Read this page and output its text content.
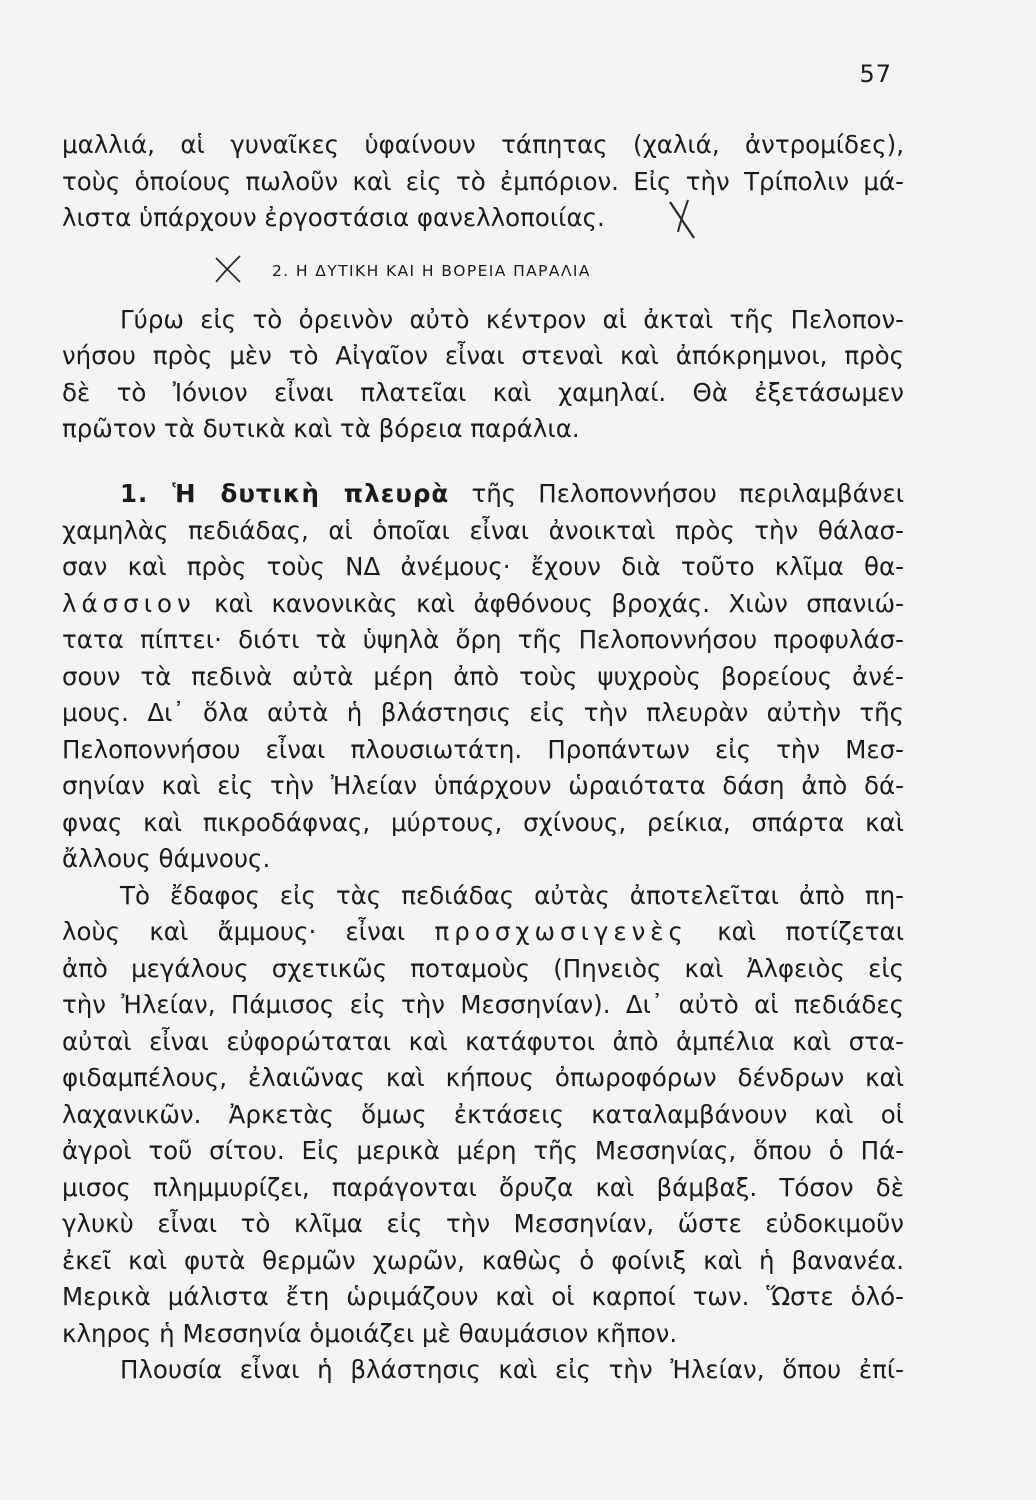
57
μαλλιά, αἱ γυναῖκες ὑφαίνουν τάπητας (χαλιά, ἀντρομίδες),
τοὺς ὁποίους πωλοῦν καὶ εἰς τὸ ἐμπόριον. Εἰς τὴν Τρίπολιν μά-
λιστα ὑπάρχουν ἐργοστάσια φανελλοποιίας.
2. Η ΔΥΤΙΚΗ ΚΑΙ Η ΒΟΡΕΙΑ ΠΑΡΑΛΙΑ
Γύρω εἰς τὸ ὀρεινὸν αὐτὸ κέντρον αἱ ἀκταὶ τῆς Πελοπον-
νήσου πρὸς μὲν τὸ Αἰγαῖον εἶναι στεναὶ καὶ ἀπόκρημνοι, πρὸς
δὲ τὸ Ἰόνιον εἶναι πλατεῖαι καὶ χαμηλαί. Θὰ ἐξετάσωμεν
πρῶτον τὰ δυτικὰ καὶ τὰ βόρεια παράλια.
1. Ἡ δυτικὴ πλευρὰ τῆς Πελοποννήσου περιλαμβάνει
χαμηλὰς πεδιάδας, αἱ ὁποῖαι εἶναι ἀνοικταὶ πρὸς τὴν θάλασ-
σαν καὶ πρὸς τοὺς ΝΔ ἀνέμους· ἔχουν διὰ τοῦτο κλῖμα θα-
λάσσιον καὶ κανονικὰς καὶ ἀφθόνους βροχάς. Χιὼν σπανιώ-
τατα πίπτει· διότι τὰ ὑψηλὰ ὄρη τῆς Πελοποννήσου προφυλάσ-
σουν τὰ πεδινὰ αὐτὰ μέρη ἀπὸ τοὺς ψυχροὺς βορείους ἀνέ-
μους. Δι᾿ ὅλα αὐτὰ ἡ βλάστησις εἰς τὴν πλευρὰν αὐτὴν τῆς
Πελοποννήσου εἶναι πλουσιωτάτη. Προπάντων εἰς τὴν Μεσ-
σηνίαν καὶ εἰς τὴν Ἠλείαν ὑπάρχουν ὡραιότατα δάση ἀπὸ δά-
φνας καὶ πικροδάφνας, μύρτους, σχίνους, ρείκια, σπάρτα καὶ
ἄλλους θάμνους.
Τὸ ἔδαφος εἰς τὰς πεδιάδας αὐτὰς ἀποτελεῖται ἀπὸ πη-
λοὺς καὶ ἄμμους· εἶναι προσχωσιγενὲς καὶ ποτίζεται
ἀπὸ μεγάλους σχετικῶς ποταμοὺς (Πηνειὸς καὶ Ἀλφειὸς εἰς
τὴν Ἠλείαν, Πάμισος εἰς τὴν Μεσσηνίαν). Δι᾿ αὐτὸ αἱ πεδιάδες
αὐταὶ εἶναι εὐφορώταται καὶ κατάφυτοι ἀπὸ ἀμπέλια καὶ στα-
φιδαμπέλους, ἐλαιῶνας καὶ κήπους ὀπωροφόρων δένδρων καὶ
λαχανικῶν. Ἀρκετὰς ὅμως ἐκτάσεις καταλαμβάνουν καὶ οἱ
ἀγροὶ τοῦ σίτου. Εἰς μερικὰ μέρη τῆς Μεσσηνίας, ὅπου ὁ Πά-
μισος πλημμυρίζει, παράγονται ὄρυζα καὶ βάμβαξ. Τόσον δὲ
γλυκὺ εἶναι τὸ κλῖμα εἰς τὴν Μεσσηνίαν, ὥστε εὐδοκιμοῦν
ἐκεῖ καὶ φυτὰ θερμῶν χωρῶν, καθὼς ὁ φοίνιξ καὶ ἡ βανανέα.
Μερικὰ μάλιστα ἔτη ὡριμάζουν καὶ οἱ καρποί των. Ὥστε ὁλό-
κληρος ἡ Μεσσηνία ὁμοιάζει μὲ θαυμάσιον κῆπον.
Πλουσία εἶναι ἡ βλάστησις καὶ εἰς τὴν Ἠλείαν, ὅπου ἐπί-
